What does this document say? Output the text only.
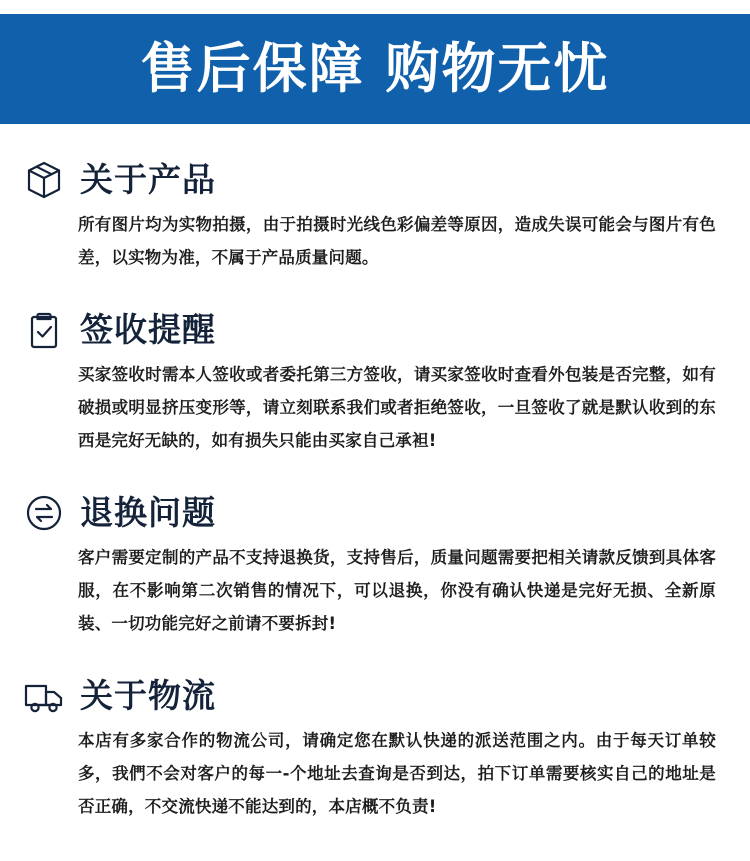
售后保障 购物无忧
关于产品

所有图片均为实物拍摄，由于拍摄时光线色彩偏差等原因，造成失误可能会与图片有色差，以实物为准，不属于产品质量问题。

签收提醒

买家签收时需本人签收或者委托第三方签收，请买家签收时查看外包装是否完整，如有破损或明显挤压变形等，请立刻联系我们或者拒绝签收，一旦签收了就是默认收到的东西是完好无缺的，如有损失只能由买家自己承袒!

退换问题

客户需要定制的产品不支持退换货，支持售后，质量问题需要把相关请款反馈到具体客服，在不影响第二次销售的情况下，可以退换，你没有确认快递是完好无损、全新原装、一切功能完好之前请不要拆封!

关于物流

本店有多家合作的物流公司，请确定您在默认快递的派送范围之内。由于每天订单较多，我們不会对客户的每一-个地址去查询是否到达，拍下订单需要核实自己的地址是否正确，不交流快递不能达到的，本店概不负责!
